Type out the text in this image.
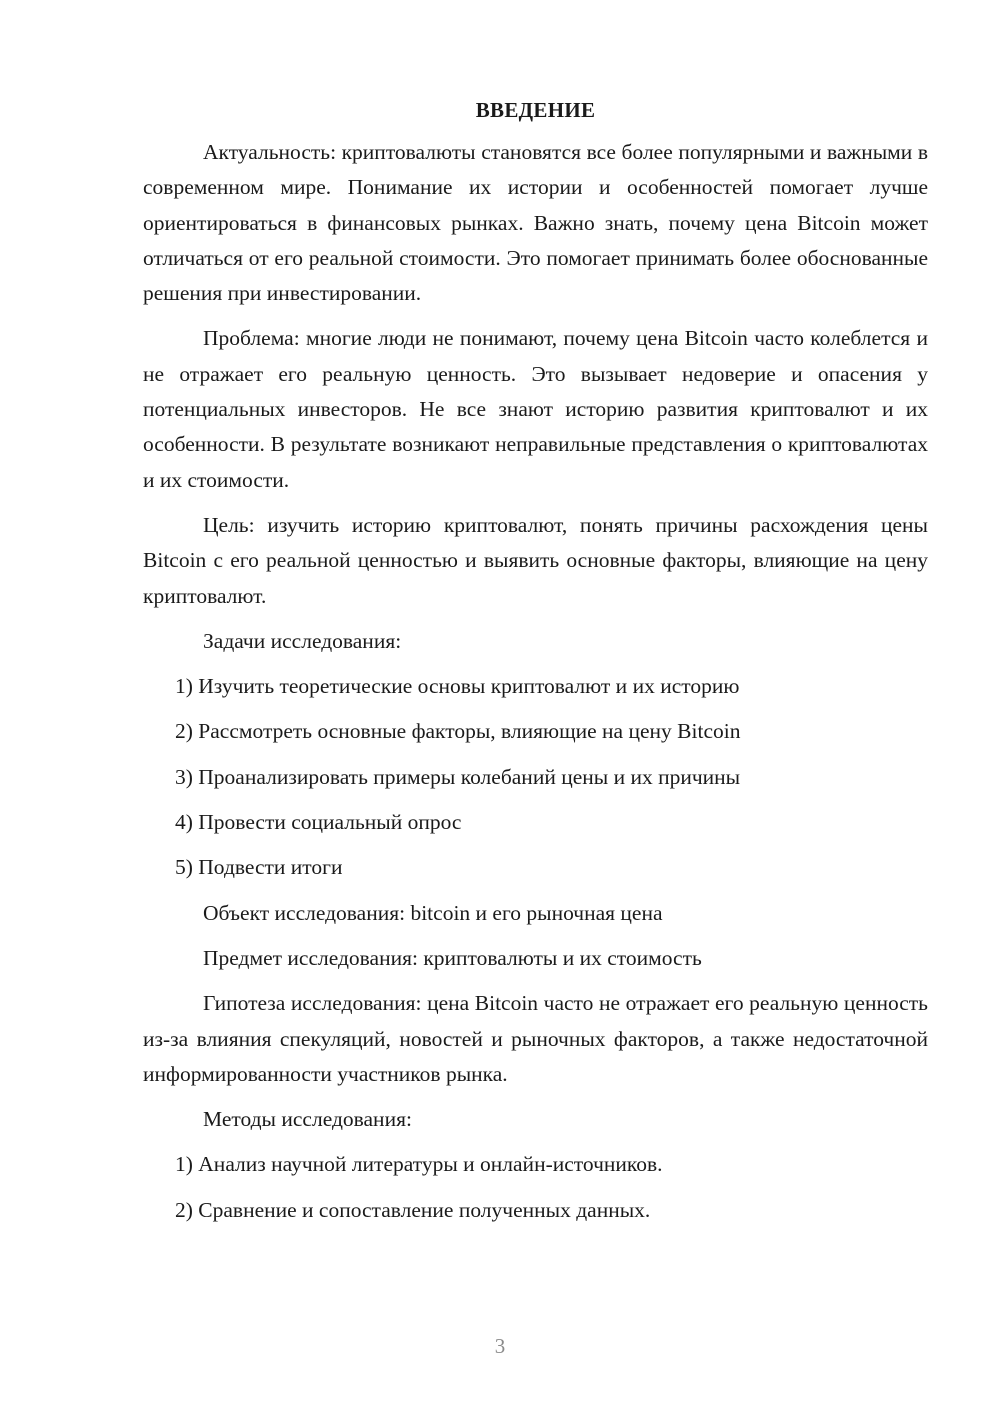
ВВЕДЕНИЕ

Актуальность: криптовалюты становятся все более популярными и важными в современном мире. Понимание их истории и особенностей помогает лучше ориентироваться в финансовых рынках. Важно знать, почему цена Bitcoin может отличаться от его реальной стоимости. Это помогает принимать более обоснованные решения при инвестировании.

Проблема: многие люди не понимают, почему цена Bitcoin часто колеблется и не отражает его реальную ценность. Это вызывает недоверие и опасения у потенциальных инвесторов. Не все знают историю развития криптовалют и их особенности. В результате возникают неправильные представления о криптовалютах и их стоимости.

Цель: изучить историю криптовалют, понять причины расхождения цены Bitcoin с его реальной ценностью и выявить основные факторы, влияющие на цену криптовалют.

Задачи исследования:
1) Изучить теоретические основы криптовалют и их историю
2) Рассмотреть основные факторы, влияющие на цену Bitcoin
3) Проанализировать примеры колебаний цены и их причины
4) Провести социальный опрос
5) Подвести итоги
Объект исследования: bitcoin и его рыночная цена
Предмет исследования: криптовалюты и их стоимость

Гипотеза исследования: цена Bitcoin часто не отражает его реальную ценность из-за влияния спекуляций, новостей и рыночных факторов, а также недостаточной информированности участников рынка.

Методы исследования:
1) Анализ научной литературы и онлайн-источников.
2) Сравнение и сопоставление полученных данных.
3
